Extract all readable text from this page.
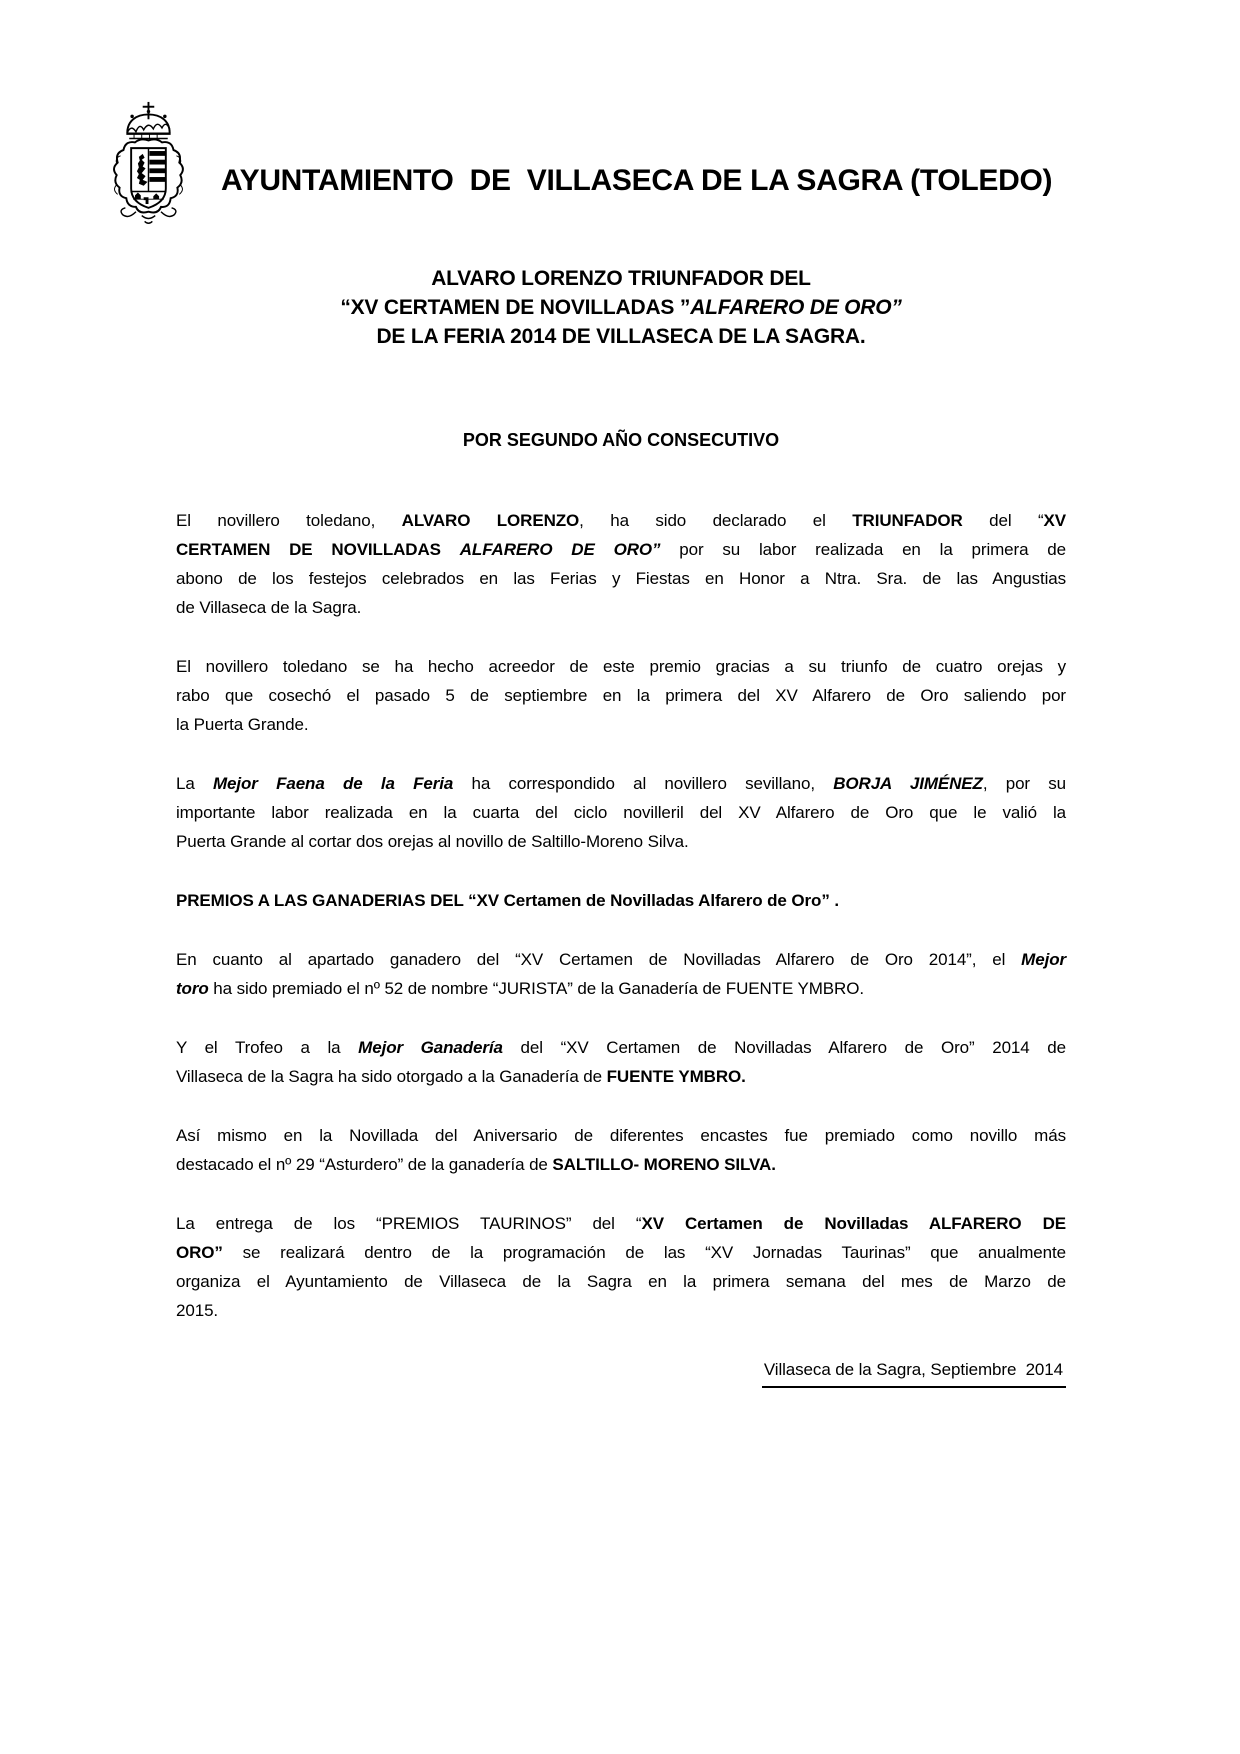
AYUNTAMIENTO  DE  VILLASECA DE LA SAGRA (TOLEDO)
ALVARO LORENZO TRIUNFADOR DEL
“XV CERTAMEN DE NOVILLADAS ”ALFARERO DE ORO”
DE LA FERIA 2014 DE VILLASECA DE LA SAGRA.
POR SEGUNDO AÑO CONSECUTIVO
El novillero toledano, ALVARO LORENZO, ha sido declarado el TRIUNFADOR del “XV
CERTAMEN DE NOVILLADAS ALFARERO DE ORO” por su labor realizada en la primera de
abono de los festejos celebrados en las Ferias y Fiestas en Honor a Ntra. Sra. de las Angustias
de Villaseca de la Sagra.
El novillero toledano se ha hecho acreedor de este premio gracias a su triunfo de cuatro orejas y
rabo que cosechó el pasado 5 de septiembre en la primera del XV Alfarero de Oro saliendo por
la Puerta Grande.
La Mejor Faena de la Feria ha correspondido al novillero sevillano, BORJA JIMÉNEZ, por su
importante labor realizada en la cuarta del ciclo novilleril del XV Alfarero de Oro que le valió la
Puerta Grande al cortar dos orejas al novillo de Saltillo-Moreno Silva.
PREMIOS A LAS GANADERIAS DEL “XV Certamen de Novilladas Alfarero de Oro” .
En cuanto al apartado ganadero del “XV Certamen de Novilladas Alfarero de Oro 2014”, el Mejor
toro ha sido premiado el nº 52 de nombre “JURISTA” de la Ganadería de FUENTE YMBRO.
Y el Trofeo a la Mejor Ganadería del “XV Certamen de Novilladas Alfarero de Oro” 2014 de
Villaseca de la Sagra ha sido otorgado a la Ganadería de FUENTE YMBRO.
Así mismo en la Novillada del Aniversario de diferentes encastes fue premiado como novillo más
destacado el nº 29 “Asturdero” de la ganadería de SALTILLO- MORENO SILVA.
La entrega de los “PREMIOS TAURINOS” del “XV Certamen de Novilladas ALFARERO DE
ORO” se realizará dentro de la programación de las “XV Jornadas Taurinas” que anualmente
organiza el Ayuntamiento de Villaseca de la Sagra en la primera semana del mes de Marzo de
2015.
Villaseca de la Sagra, Septiembre  2014
